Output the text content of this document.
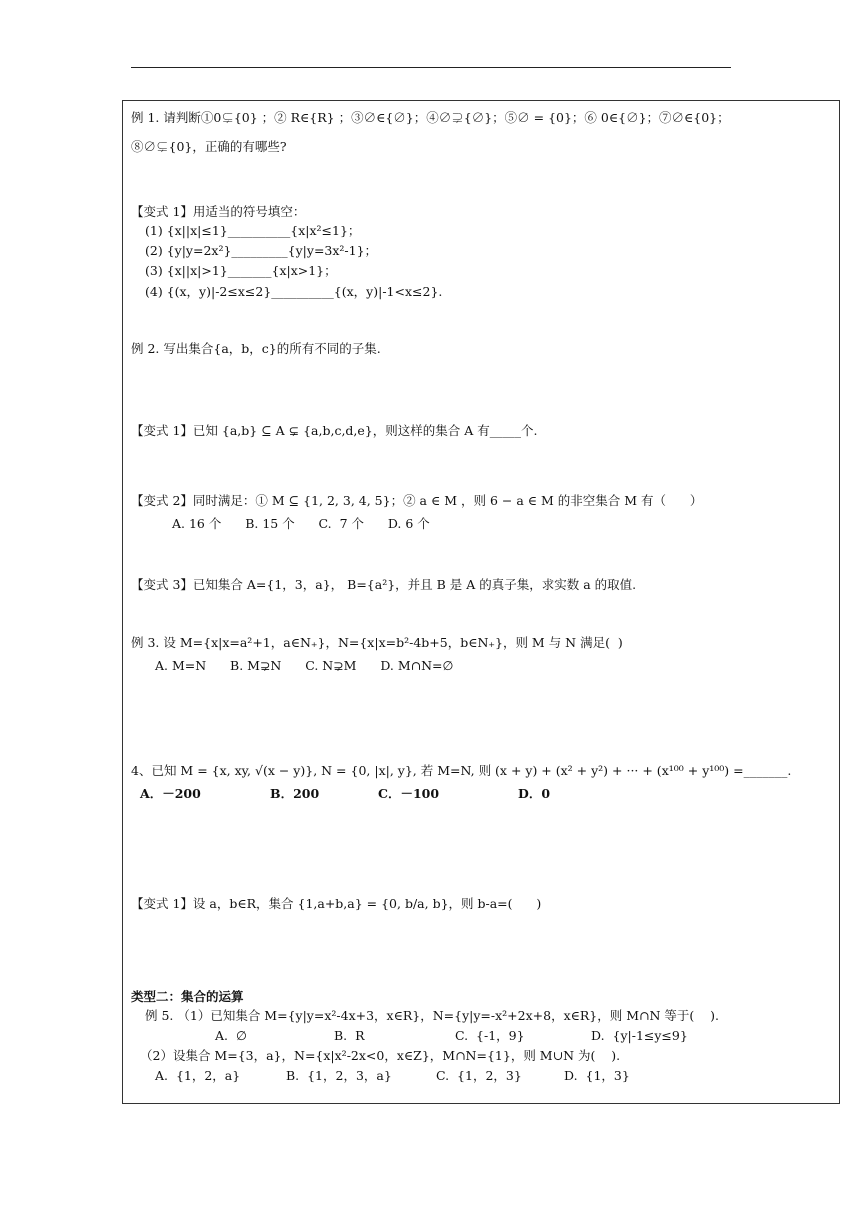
例 1. 请判断①0⊊{0} ；② R∈{R} ；③∅∈{∅}；④∅⊋{∅}；⑤∅ = {0}；⑥ 0∈{∅}；⑦∅∈{0}；
⑧∅⊊{0}，正确的有哪些?
【变式 1】用适当的符号填空：
(1) {x||x|≤1}__________{x|x²≤1}；
(2) {y|y=2x²}_________{y|y=3x²-1}；
(3) {x||x|>1}_______{x|x>1}；
(4) {(x，y)|-2≤x≤2}__________{(x，y)|-1<x≤2}.
例 2. 写出集合{a，b，c}的所有不同的子集.
【变式 1】已知 {a,b} ⊆ A ⊊ {a,b,c,d,e}，则这样的集合 A 有_____个.
【变式 2】同时满足：① M ⊆ {1, 2, 3, 4, 5}；② a ∈ M ，则 6 − a ∈ M 的非空集合 M 有（      ）
A. 16 个      B. 15 个      C.  7 个      D. 6 个
【变式 3】已知集合 A={1，3，a}， B={a²}，并且 B 是 A 的真子集，求实数 a 的取值.
例 3. 设 M={x|x=a²+1，a∈N₊}，N={x|x=b²-4b+5，b∈N₊}，则 M 与 N 满足(  )
A. M=N      B. M⊋N      C. N⊋M      D. M∩N=∅
4、已知 M = {x, xy, √(x − y)}, N = {0, |x|, y}, 若 M=N, 则 (x + y) + (x² + y²) + ··· + (x¹⁰⁰ + y¹⁰⁰) =_______.
A．－200	B．200	C．－100	D．0
【变式 1】设 a，b∈R，集合 {1,a+b,a} = {0, b/a, b}，则 b-a=(      )
类型二：集合的运算
例 5. （1）已知集合 M={y|y=x²-4x+3，x∈R}，N={y|y=-x²+2x+8，x∈R}，则 M∩N 等于(    ).
A.  ∅	B.  R	C.  {-1，9}	D.  {y|-1≤y≤9}
（2）设集合 M={3，a}，N={x|x²-2x<0，x∈Z}，M∩N={1}，则 M∪N 为(    ).
A.  {1，2，a}	B.  {1，2，3，a}	C.  {1，2，3}	D.  {1，3}
